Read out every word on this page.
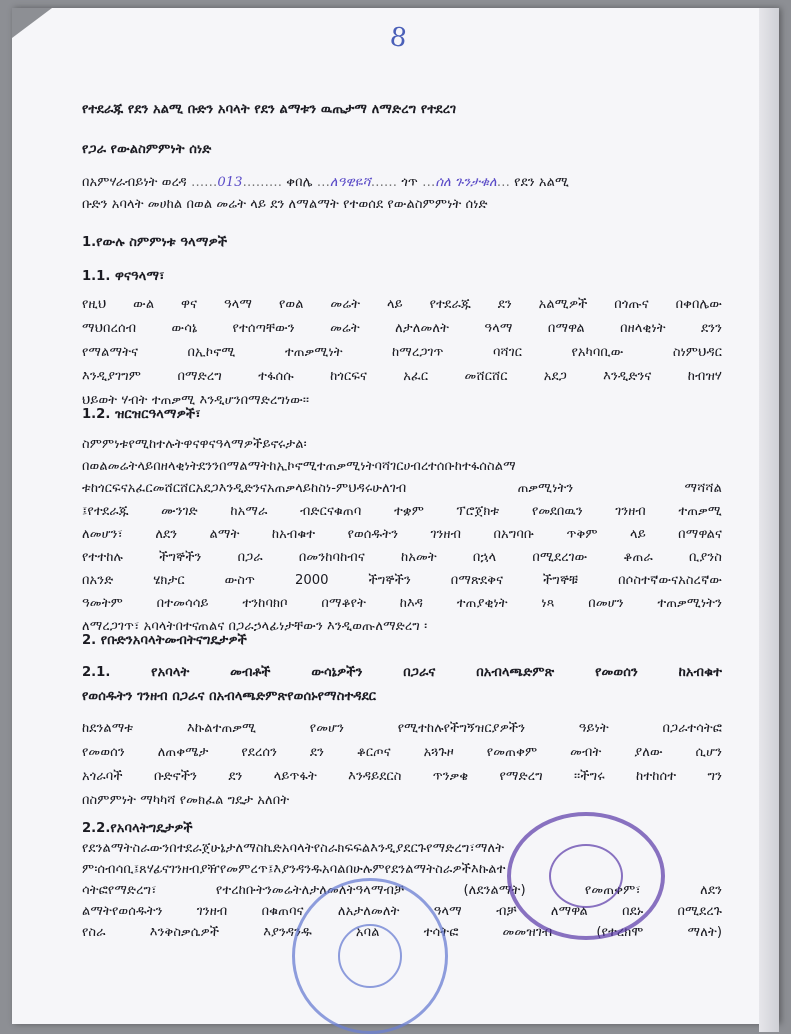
8
የተደራጁ የደን አልሚ ቡድን አባላት የደን ልማቱን ዉጤታማ ለማድረግ የተደረገ
የጋራ የውልስምምነት ሰነድ
በአምሃራብይነት ወረዳ ……013……… ቀበሌ …ለዓዊዬሻ…… ጎጥ …ሰለ ጉንታቁለ… የደን አልሚ
ቡድን አባላት መሀከል በወል መሬት ላይ ደን ለማልማት የተወሰደ የውልስምምነት ሰነድ
1.የውሉ ስምምነቱ ዓላማዎች
1.1. ዋናዓላማ፣
የዚህ ውል ዋና ዓላማ የወል መሬት ላይ የተደራጁ ደን አልሚዎች በጎጡና በቀበሌው
ማህበረሰብ ውሳኔ የተሰጣቸውን መሬት ለታለመለት ዓላማ በማዋል በዘላቂነት ደንን
የማልማትና በኢኮኖሚ ተጠቃሚነት ከማረጋገጥ ባሻገር የአካባቢው ስነምህዳር
እንዲያገግም በማድረግ ተፋሰሱ ከጎርፍና አፈር መሸርሸር አደጋ እንዲድንና ከብዝሃ
ህይወት ሃብት ተጠቃሚ እንዲሆንበማድረግነው፡፡
1.2. ዝርዝርዓላማዎች፣
ስምምነቱየሚከተሉትዋናዋናዓላማዎችይኖሩታል፡
በወልመሬትላይበዘላቂነትደንንበማልማትከኢኮኖሚተጠቃሚነትባሻገርሀብረተሰቡከተፋሰስልማ
ቱከጎርፍናአፈርመሸርሸርአደጋእንዲድንናአጠቃላይከስነ-ምህዳሩሁለገብ ጠቃሚነትን ማሻሻል
፤የተደራጁ ሙንገድ ከአማራ ብድርናቁጠባ ተቋም ፕሮጀክቱ የመደበዉን ገንዘብ ተጠቃሚ
ለመሆን፣ ለደን ልማት ከአብቁተ የወሰዱትን ገንዘብ በአግባቡ ጥቅም ላይ በማዋልና
የተተከሉ ችግኞችን በጋራ በመንከባከብና ከአመት በኋላ በሚደረገው ቆጠራ ቢያንስ
በአንድ ሄክታር ውስጥ 2000 ችግኞችን በማጽደቅና ችግኞቹ በሶስተኛውናአስረኛው
ዓመትም በተመሳሳይ ተንከባክቦ በማቆየት ከእዳ ተጠያቂነት ነጻ በመሆን ተጠቃሚነትን
ለማረጋገጥ፣ አባላትበተናጠልና በጋራኃላፊነታቸውን እንዲወጡለማድረግ ፡
2. የቡድንአባላትመብትናግዴታዎች
2.1. የአባላት መብቶች ውሳኔዎችን በጋራና በአብላጫድምጽ የመወሰን ከአብቁተ
የወሰዱትን ገንዘብ በጋራና በአብላጫድምጽየወሰኑየማስተዳደር
ከደንልማቱ እኩልተጠቃሚ የመሆን የሚተከሉየችግኝዝርያዎችን ዓይነት በጋራተሳትፎ
የመወሰን ለጠቀሜታ የደረሰን ደን ቆርጦና አጓጉዞ የመጠቀም መብት ያለው ሲሆን
አጎራባች ቡድኖችን ደን ላይጥፋት እንዳይደርስ ጥንቃቄ የማድረግ ፡፡ችግሩ ከተከሰተ ግን
በስምምነት ማካካሻ የመክፈል ግዴታ አለበት
2.2.የአባላትግዴታዎች
የደንልማትስራውንበተደራጀሁኔታለማስኬድአባላትየስራክፍፍልእንዲያደርጉየማድረግ፣ማለት
ም፡ሰብሳቢ፤ጸሃፊናገንዘብያዥየመምረጥ፤እያንዳንዱአባልበሁሉምየደንልማትስራዎችእኩልተ
ሳትፎየማድረግ፣ የተረከቡትንመሬትለታለመለትዓላማብቻ (ለደንልማት) የመጠቀም፣ ለደን
ልማትየወሰዱትን ገንዘብ በቁጠባና ለአታለመለት ዓላማ ብቻ ለማዋል በደኑ በሚደረጉ
የስራ እንቅስቃሴዎች እያንዳንዱ አባል ተሳትፎ መመዝገብ (የተረክሞ ማለት)
